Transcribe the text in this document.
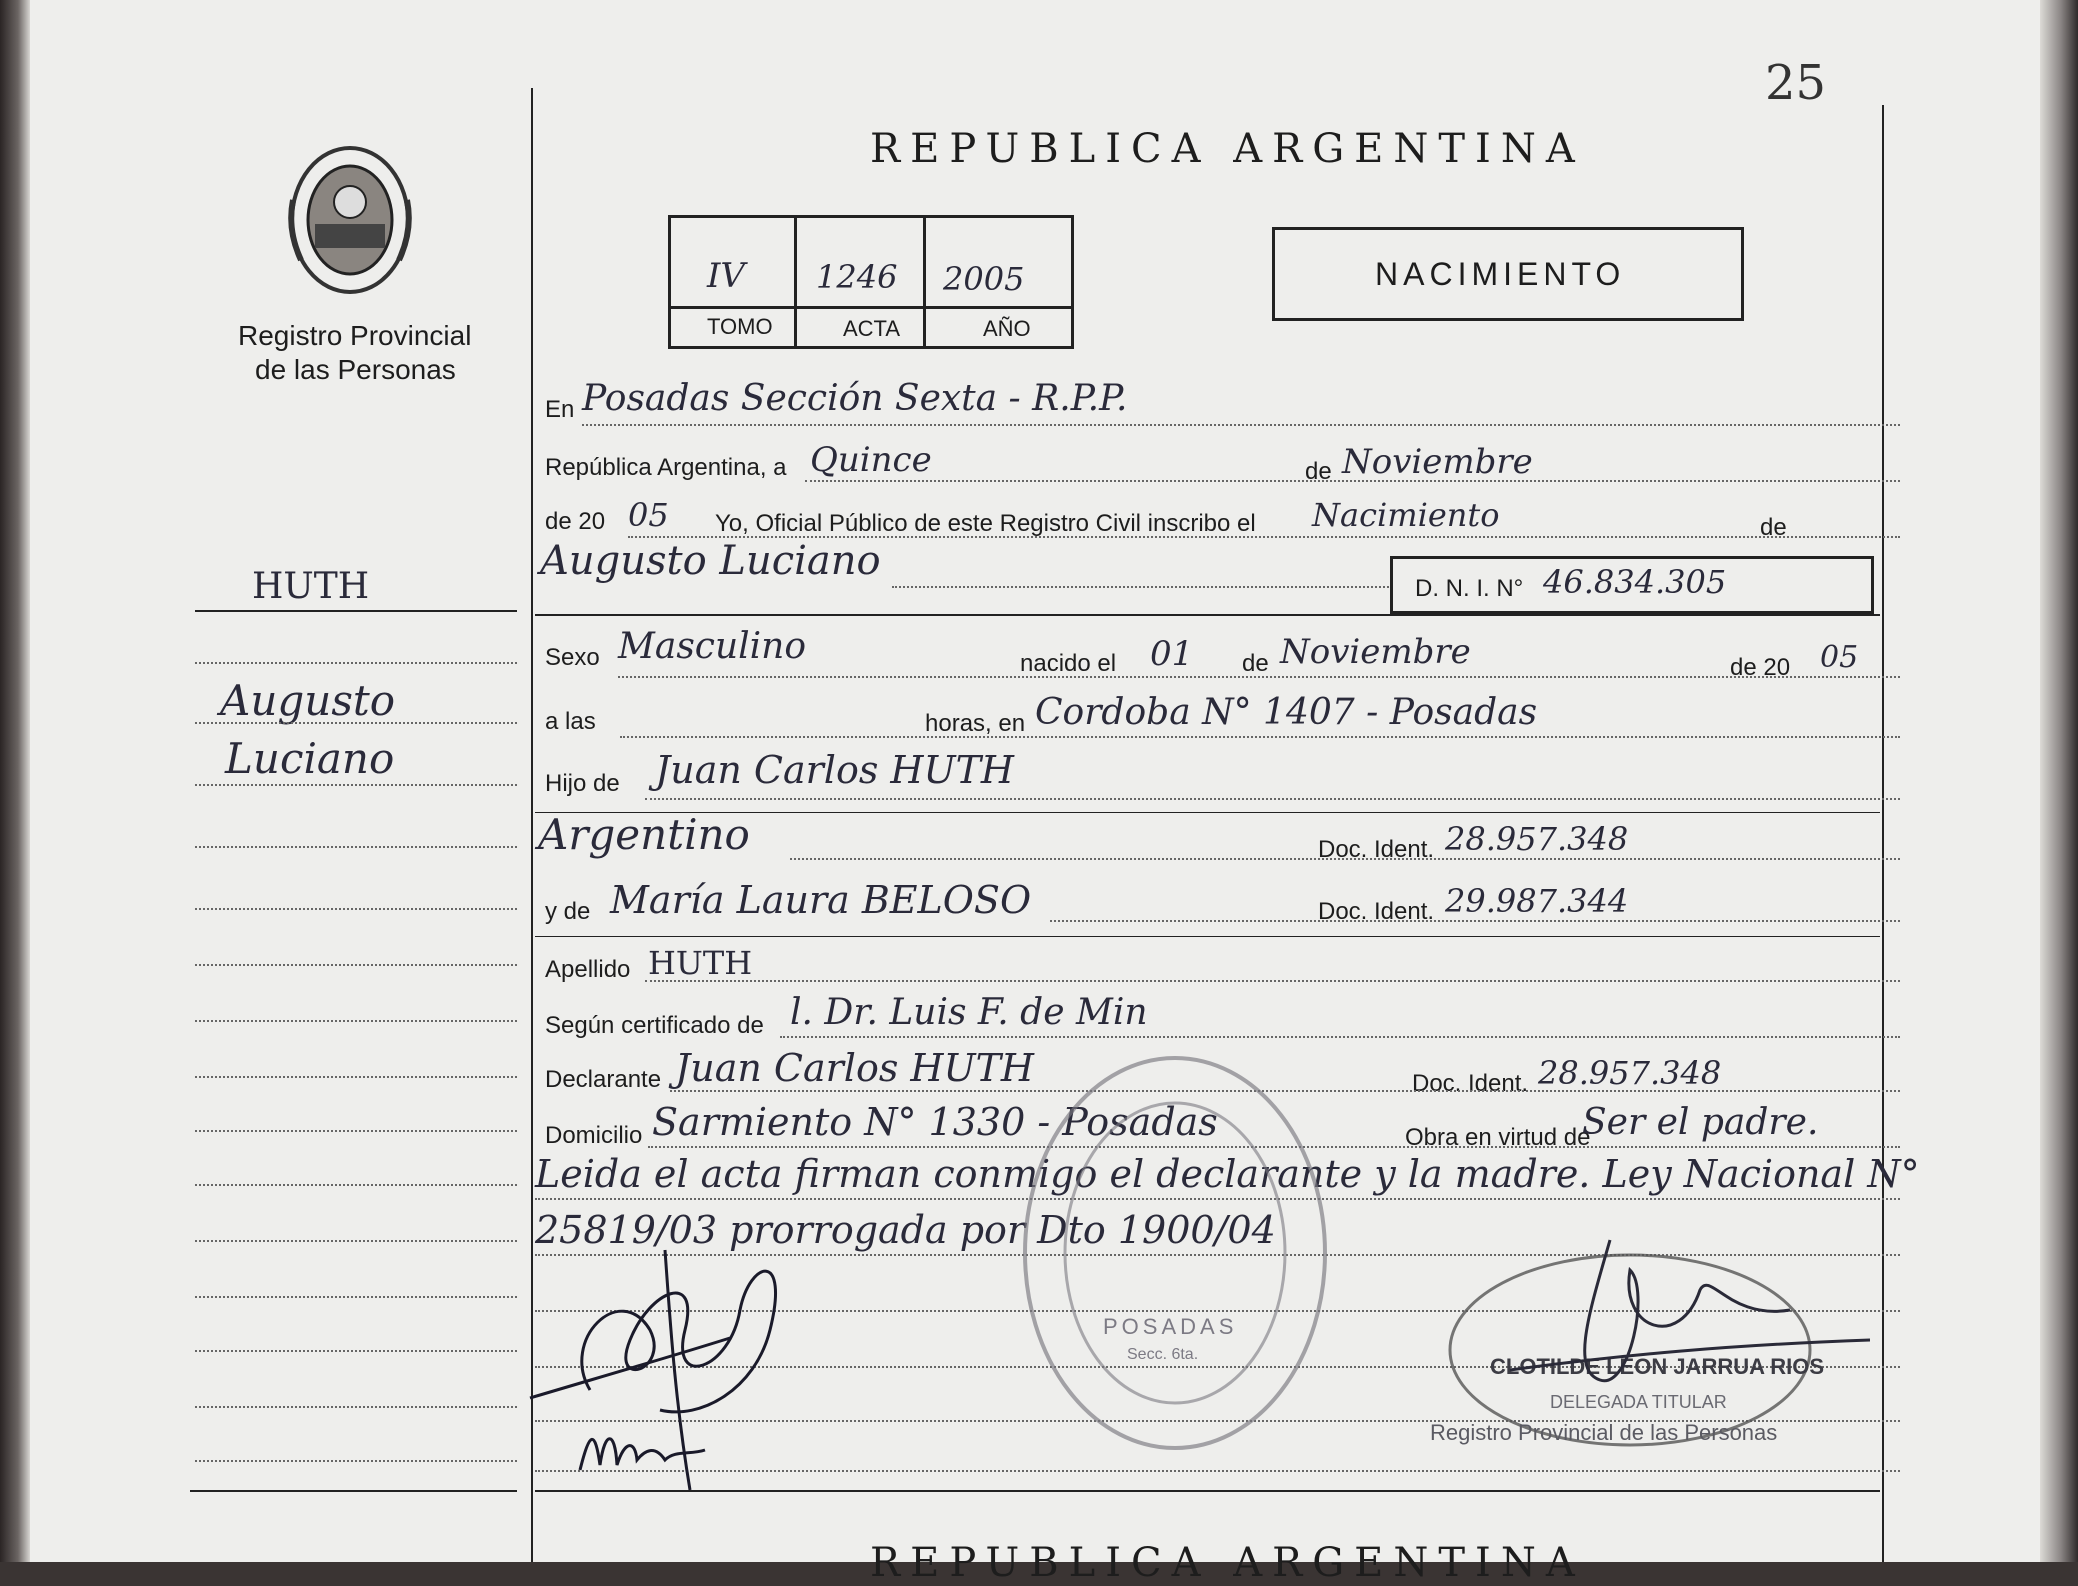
25
Registro Provincial
de las Personas
REPUBLICA ARGENTINA
IV 1246 2005
TOMO	ACTA	AÑO
NACIMIENTO
HUTH
Augusto
Luciano
En Posadas Sección Sexta - R.P.P.
República Argentina, a Quince	de Noviembre
de 20 05 Yo, Oficial Público de este Registro Civil inscribo el Nacimiento	de
Augusto Luciano
D. N. I. N° 46.834.305
Sexo Masculino	nacido el 01 de Noviembre	de 20 05
a las	horas, en Cordoba N° 1407 - Posadas
Hijo de Juan Carlos HUTH
Argentino	Doc. Ident. 28.957.348
y de María Laura BELOSO	Doc. Ident. 29.987.344
Apellido HUTH
Según certificado de l. Dr. Luis F. de Min
Declarante Juan Carlos HUTH	Doc. Ident. 28.957.348
Domicilio Sarmiento N° 1330 - Posadas	Obra en virtud de
Ser el padre.
Leida el acta firman conmigo el declarante y la madre. Ley Nacional N°
25819/03 prorrogada por Dto 1900/04
POSADAS
Secc. 6ta.	CLOTILDE LEON JARRUA RIOS
DELEGADA TITULAR
Registro Provincial de las Personas
REPUBLICA ARGENTINA
